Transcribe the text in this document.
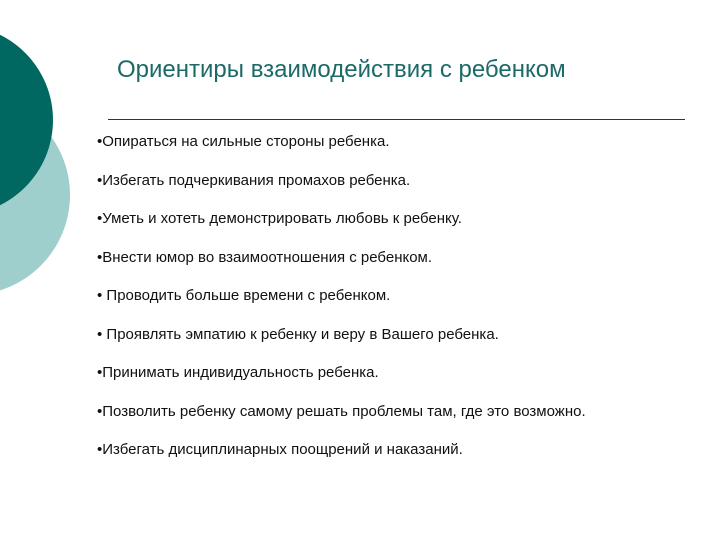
Ориентиры взаимодействия с ребенком
•Опираться на сильные стороны ребенка.
•Избегать подчеркивания промахов ребенка.
•Уметь и хотеть демонстрировать любовь к ребенку.
•Внести юмор во взаимоотношения с ребенком.
• Проводить больше времени с ребенком.
• Проявлять эмпатию к ребенку и веру в Вашего ребенка.
•Принимать индивидуальность ребенка.
•Позволить ребенку самому решать проблемы там, где это возможно.
•Избегать дисциплинарных поощрений и наказаний.
